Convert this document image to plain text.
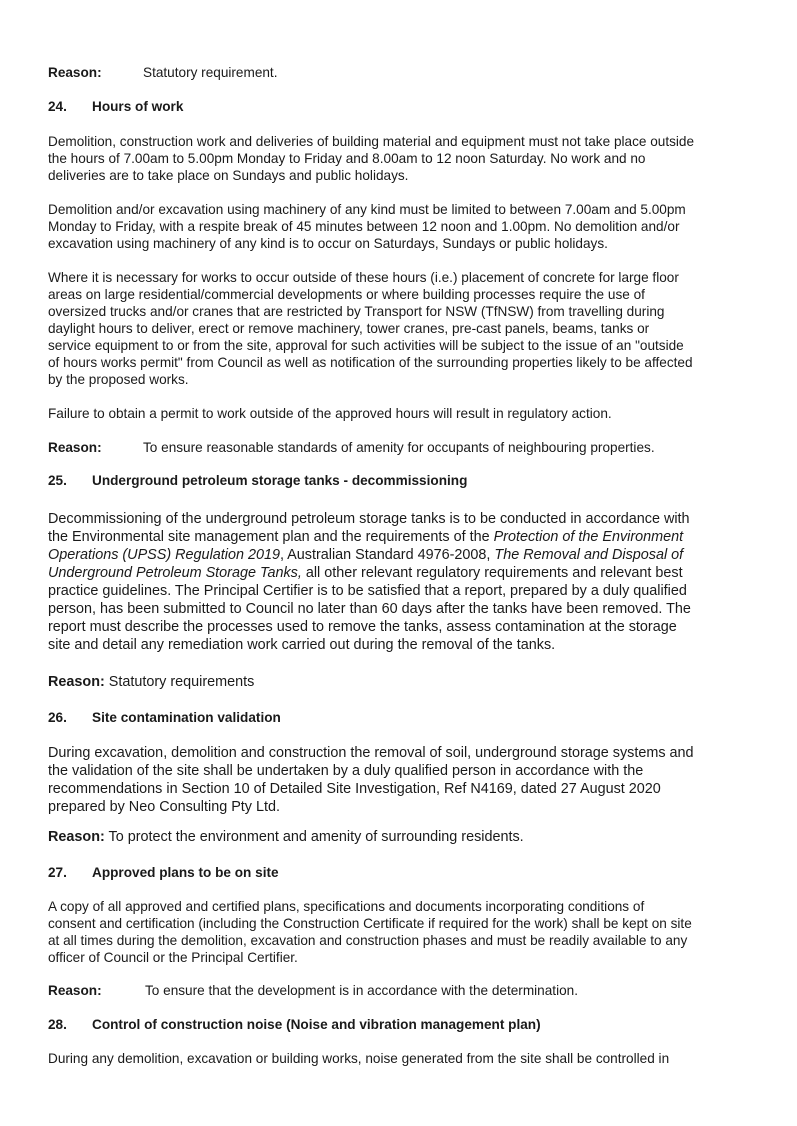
Reason:	Statutory requirement.
24. Hours of work
Demolition, construction work and deliveries of building material and equipment must not take place outside
the hours of 7.00am to 5.00pm Monday to Friday and 8.00am to 12 noon Saturday. No work and no
deliveries are to take place on Sundays and public holidays.
Demolition and/or excavation using machinery of any kind must be limited to between 7.00am and 5.00pm
Monday to Friday, with a respite break of 45 minutes between 12 noon and 1.00pm. No demolition and/or
excavation using machinery of any kind is to occur on Saturdays, Sundays or public holidays.
Where it is necessary for works to occur outside of these hours (i.e.) placement of concrete for large floor
areas on large residential/commercial developments or where building processes require the use of
oversized trucks and/or cranes that are restricted by Transport for NSW (TfNSW) from travelling during
daylight hours to deliver, erect or remove machinery, tower cranes, pre-cast panels, beams, tanks or
service equipment to or from the site, approval for such activities will be subject to the issue of an "outside
of hours works permit" from Council as well as notification of the surrounding properties likely to be affected
by the proposed works.
Failure to obtain a permit to work outside of the approved hours will result in regulatory action.
Reason:	To ensure reasonable standards of amenity for occupants of neighbouring properties.
25. Underground petroleum storage tanks - decommissioning
Decommissioning of the underground petroleum storage tanks is to be conducted in accordance with
the Environmental site management plan and the requirements of the Protection of the Environment
Operations (UPSS) Regulation 2019, Australian Standard 4976-2008, The Removal and Disposal of
Underground Petroleum Storage Tanks, all other relevant regulatory requirements and relevant best
practice guidelines. The Principal Certifier is to be satisfied that a report, prepared by a duly qualified
person, has been submitted to Council no later than 60 days after the tanks have been removed. The
report must describe the processes used to remove the tanks, assess contamination at the storage
site and detail any remediation work carried out during the removal of the tanks.
Reason: Statutory requirements
26. Site contamination validation
During excavation, demolition and construction the removal of soil, underground storage systems and
the validation of the site shall be undertaken by a duly qualified person in accordance with the
recommendations in Section 10 of Detailed Site Investigation, Ref N4169, dated 27 August 2020
prepared by Neo Consulting Pty Ltd.
Reason: To protect the environment and amenity of surrounding residents.
27. Approved plans to be on site
A copy of all approved and certified plans, specifications and documents incorporating conditions of
consent and certification (including the Construction Certificate if required for the work) shall be kept on site
at all times during the demolition, excavation and construction phases and must be readily available to any
officer of Council or the Principal Certifier.
Reason:	To ensure that the development is in accordance with the determination.
28. Control of construction noise (Noise and vibration management plan)
During any demolition, excavation or building works, noise generated from the site shall be controlled in
